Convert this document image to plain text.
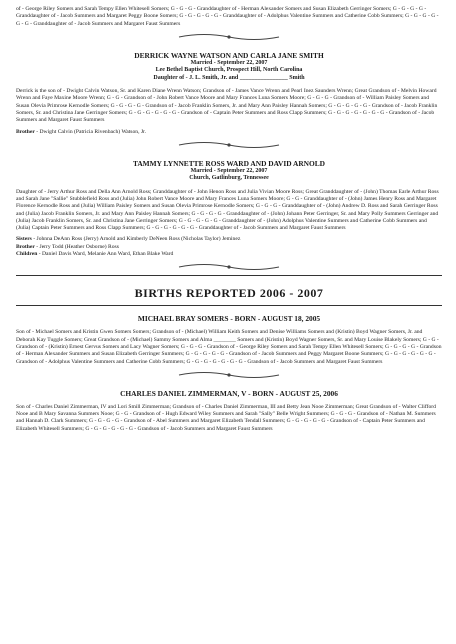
of - George Riley Somers and Sarah Tempy Ellen Whitesell Somers; G - G - G - Granddaughter of - Herman Alexander Somers and Susan Elizabeth Gerringer Somers; G - G - G - G - Granddaughter of - Jacob Summers and Margaret Peggy Boone Somers; G - G - G - G - G - Granddaughter of - Adolphus Valentine Summers and Catherine Cobb Summers; G - G - G - G - G - G - Granddaughter of - Jacob Summers and Margaret Faust Summers

DERRICK WAYNE WATSON AND CARLA JANE SMITH

Married - September 22, 2007

Lee Bethel Baptist Church, Prospect Hill, North Carolina

Daughter of - J. L. Smith, Jr. and ________________ Smith

Derrick is the son of - Dwight Calvin Watson, Sr. and Karen Diane Wrenn Watson; Grandson of - James Vance Wrenn and Pearl Inez Saunders Wrenn; Great Grandson of - Melvin Howard Wrenn and Faye Maxine Moore Wrenn; G - G - Grandson of - John Robert Vance Moore and Mary Frances Luna Somers Moore; G - G - G - Grandson of - William Paisley Somers and Susan Olevia Primrose Kernodle Somers; G - G - G - G - Grandson of - Jacob Franklin Somers, Jr. and Mary Ann Paisley Hannah Somers; G - G - G - G - G - Grandson of - Jacob Franklin Somers, Sr. and Christina Jane Gerringer Somers; G - G - G - G - G - G - Grandson of - Captain Peter Summers and Ross Clapp Summers; G - G - G - G - G - G - G - Grandson of - Jacob Summers and Margaret Faust Summers

Brother - Dwight Calvin (Patricia Rivenbach) Watson, Jr.

TAMMY LYNNETTE ROSS WARD AND DAVID ARNOLD

Married - September 22, 2007

Church, Gatlinburg, Tennessee

Daughter of - Jerry Arthur Ross and Della Ann Arnold Ross; Granddaughter of - John Henon Ross and Julia Vivian Moore Ross; Great Granddaughter of - (John) Thomas Earle Arthur Ross and Sarah Jane "Sallie" Stubblefield Ross and (Julia) John Robert Vance Moore and Mary Frances Luna Somers Moore; G - G - Granddaughter of - (John) James Henry Ross and Margaret Florence Kernodle Ross and (Julia) William Paisley Somers and Susan Olevia Primrose Kernodle Somers; G - G - G - Granddaughter of - (John) Andrew D. Ross and Sarah Gerringer Ross and (Julia) Jacob Franklin Somers, Jr. and Mary Ann Paisley Hannah Somers; G - G - G - G - Granddaughter of - (John) Johann Peter Gerringer, Sr. and Mary Polly Summers Gerringer and (Julia) Jacob Franklin Somers, Sr. and Christina Jane Gerringer Somers; G - G - G - G - G - Granddaughter of - (John) Adolphus Valentine Summers and Catherine Cobb Summers and (Julia) Captain Peter Summers and Ross Clapp Summers; G - G - G - G - G - G - Granddaughter of - Jacob Summers and Margaret Faust Summers

Sisters - Johnna DeAnn Ross (Jerry) Arnold and Kimberly DeNeen Ross (Nicholas Taylor) Jeminez

Brother - Jerry Todd (Heather Osborne) Ross

Children - Daniel Davis Ward, Melanie Ann Ward, Ethan Blake Ward

BIRTHS REPORTED 2006 - 2007

MICHAEL BRAY SOMERS - BORN - AUGUST 18, 2005

Son of - Michael Somers and Kristin Gwen Somers Somers; Grandson of - (Michael) William Keith Somers and Denise Williams Somers and (Kristin) Boyd Wagner Somers, Jr. and Deborah Kay Tuggle Somers; Great Grandson of - (Michael) Sammy Somers and Alma ________ Somers and (Kristin) Boyd Wagner Somers, Sr. and Mary Louise Blakely Somers; G - G - Grandson of - (Kristin) Ernest Gervus Somers and Lacy Wagner Somers; G - G - G - Grandson of - George Riley Somers and Sarah Tempy Ellen Whitesell Somers; G - G - G - G - Grandson of - Herman Alexander Summers and Susan Elizabeth Gerringer Summers; G - G - G - G - G - Grandson of - Jacob Summers and Peggy Margaret Boone Summers; G - G - G - G - G - G - Grandson of - Adolphus Valentine Summers and Catherine Cobb Summers; G - G - G - G - G - G - G - Grandson of - Jacob Summers and Margaret Faust Summers

CHARLES DANIEL ZIMMERMAN, V - BORN - AUGUST 25, 2006

Son of - Charles Daniel Zimmerman, IV and Lori Smill Zimmerman; Grandson of - Charles Daniel Zimmerman, III and Betty Jean Nooe Zimmerman; Great Grandson of - Walter Clifford Nooe and B Mary Savanna Summers Nooe; G - G - Grandson of - Hugh Edward Wiley Summers and Sarah "Sally" Belle Wright Summers; G - G - G - Grandson of - Nathan M. Summers and Hannah D. Clark Summers; G - G - G - G - Grandson of - Abel Summers and Margaret Elizabeth Tendall Summers; G - G - G - G - G - Grandson of - Captain Peter Summers and Elizabeth Whitesell Summers; G - G - G - G - G - G - Grandson of - Jacob Summers and Margaret Faust Summers
